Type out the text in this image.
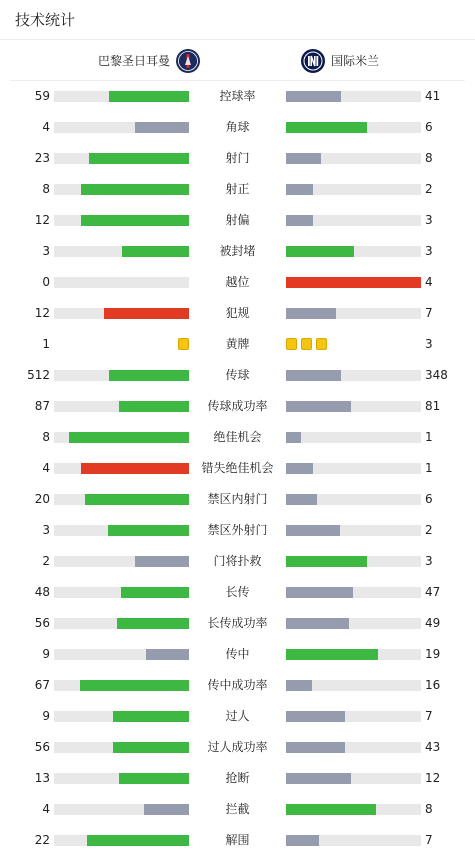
技术统计
巴黎圣日耳曼	国际米兰
59	控球率	41
4	角球	6
23	射门	8
8	射正	2
12	射偏	3
3	被封堵	3
0	越位	4
12	犯规	7
1	黄牌	3
512	传球	348
87	传球成功率	81
8	绝佳机会	1
4	错失绝佳机会	1
20	禁区内射门	6
3	禁区外射门	2
2	门将扑救	3
48	长传	47
56	长传成功率	49
9	传中	19
67	传中成功率	16
9	过人	7
56	过人成功率	43
13	抢断	12
4	拦截	8
22	解围	7
